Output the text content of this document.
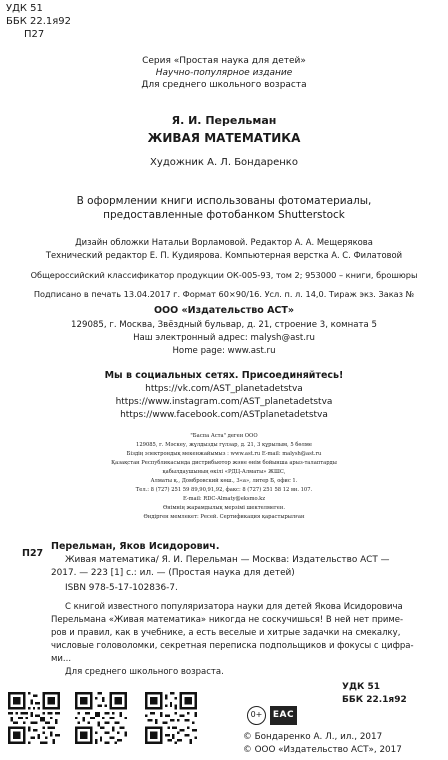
УДК 51
ББК 22.1я92
П27
Серия «Простая наука для детей»
Научно-популярное издание
Для среднего школьного возраста
Я. И. Перельман
ЖИВАЯ МАТЕМАТИКА
Художник А. Л. Бондаренко
В оформлении книги использованы фотоматериалы,
предоставленные фотобанком Shutterstock
Дизайн обложки Натальи Ворламовой. Редактор А. А. Мещерякова
Технический редактор Е. П. Кудиярова. Компьютерная верстка А. С. Филатовой
Общероссийский классификатор продукции ОК-005-93, том 2; 953000 – книги, брошюры
Подписано в печать 13.04.2017 г. Формат 60×90/16. Усл. п. л. 14,0. Тираж экз. Заказ №
ООО «Издательство АСТ»
129085, г. Москва, Звёздный бульвар, д. 21, строение 3, комната 5
Наш электронный адрес: malysh@ast.ru
Home page: www.ast.ru
Мы в социальных сетях. Присоединяйтесь!
https://vk.com/AST_planetadetstva
https://www.instagram.com/AST_planetadetstva
https://www.facebook.com/ASTplanetadetstva
"Баспа Аста" деген ООО
129085, г. Мәскеу, жұлдызды гүлзар, д. 21, 3 құрылым, 5 бөлме
Біздің электрондық мекенжайымыз : www.ast.ru E-mail: malysh@ast.ru
Қазақстан Республикасында дистрибьютор және өнім бойынша арыз-талаптарды
қабылдаушының өкілі «РДЦ-Алматы» ЖШС,
Алматы қ., Домбровский көш., 3«а», литер Б, офис 1.
Тел.: 8 (727) 251 59 89,90,91,92, факс: 8 (727) 251 58 12 вн. 107.
E-mail: RDC-Almaty@eksmo.kz
Өнімнің жарамдылық мерзімі шектелмеген.
Өндірген мемлекет: Ресей. Сертификация қарастырылған
П27
Перельман, Яков Исидорович.
Живая математика/ Я. И. Перельман — Москва: Издательство АСТ —
2017. — 223 [1] с.: ил. — (Простая наука для детей)
ISBN 978-5-17-102836-7.
С книгой известного популяризатора науки для детей Якова Исидоровича
Перельмана «Живая математика» никогда не соскучишься! В ней нет приме-
ров и правил, как в учебнике, а есть веселые и хитрые задачки на смекалку,
числовые головоломки, секретная переписка подпольщиков и фокусы с цифра-
ми...
Для среднего школьного возраста.
УДК 51
ББК 22.1я92
0+	EAC
© Бондаренко А. Л., ил., 2017
© ООО «Издательство АСТ», 2017
